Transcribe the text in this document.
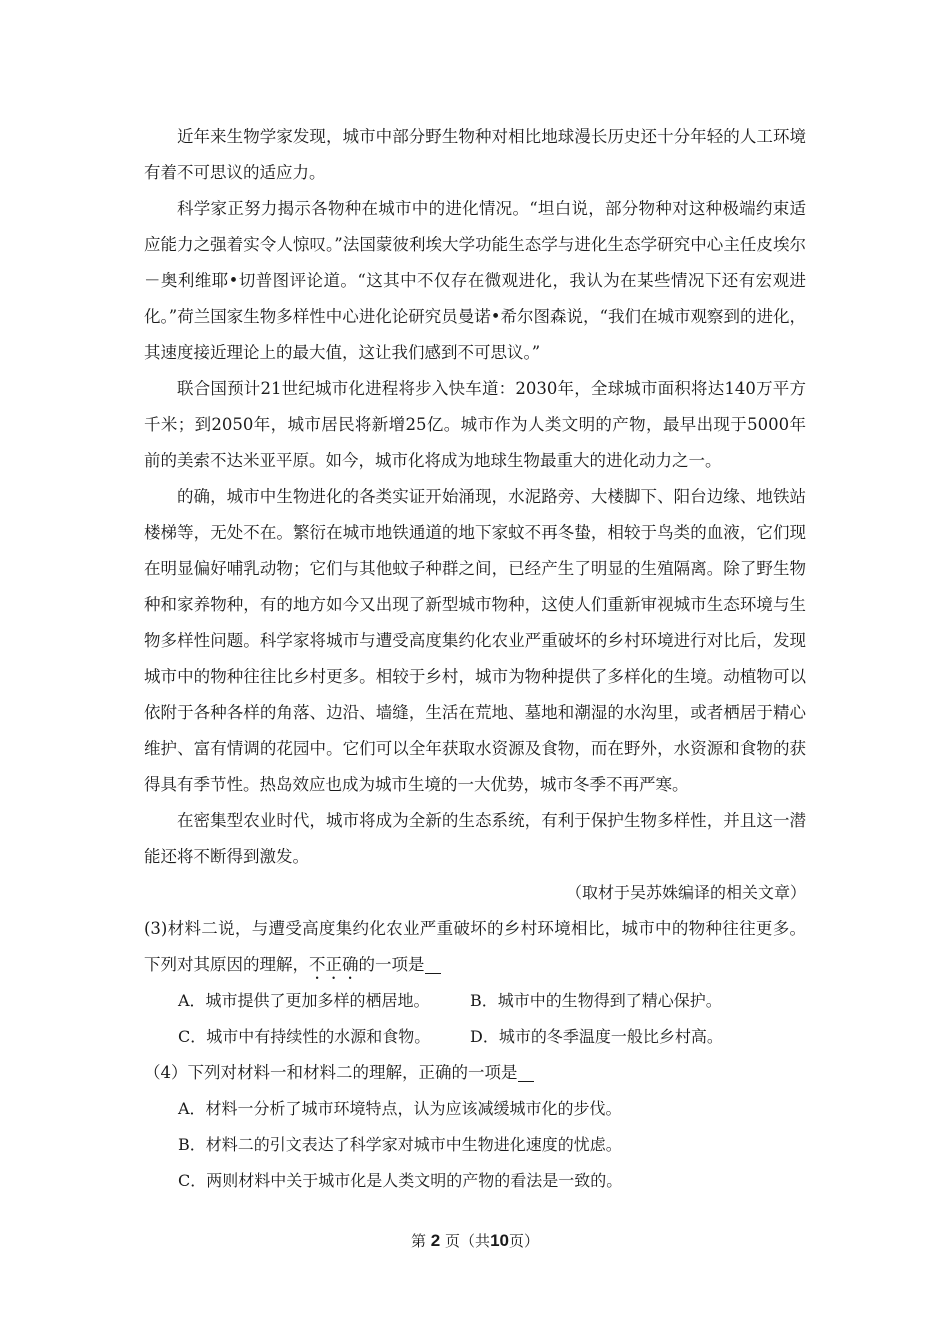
近年来生物学家发现，城市中部分野生物种对相比地球漫长历史还十分年轻的人工环境有着不可思议的适应力。

科学家正努力揭示各物种在城市中的进化情况。“坦白说，部分物种对这种极端约束适应能力之强着实令人惊叹。”法国蒙彼利埃大学功能生态学与进化生态学研究中心主任皮埃尔－奥利维耶•切普图评论道。“这其中不仅存在微观进化，我认为在某些情况下还有宏观进化。”荷兰国家生物多样性中心进化论研究员曼诺•希尔图森说，“我们在城市观察到的进化，其速度接近理论上的最大值，这让我们感到不可思议。”

联合国预计21世纪城市化进程将步入快车道：2030年，全球城市面积将达140万平方千米；到2050年，城市居民将新增25亿。城市作为人类文明的产物，最早出现于5000年前的美索不达米亚平原。如今，城市化将成为地球生物最重大的进化动力之一。

的确，城市中生物进化的各类实证开始涌现，水泥路旁、大楼脚下、阳台边缘、地铁站楼梯等，无处不在。繁衍在城市地铁通道的地下家蚊不再冬蛰，相较于鸟类的血液，它们现在明显偏好哺乳动物；它们与其他蚊子种群之间，已经产生了明显的生殖隔离。除了野生物种和家养物种，有的地方如今又出现了新型城市物种，这使人们重新审视城市生态环境与生物多样性问题。科学家将城市与遭受高度集约化农业严重破坏的乡村环境进行对比后，发现城市中的物种往往比乡村更多。相较于乡村，城市为物种提供了多样化的生境。动植物可以依附于各种各样的角落、边沿、墙缝，生活在荒地、墓地和潮湿的水沟里，或者栖居于精心维护、富有情调的花园中。它们可以全年获取水资源及食物，而在野外，水资源和食物的获得具有季节性。热岛效应也成为城市生境的一大优势，城市冬季不再严寒。

在密集型农业时代，城市将成为全新的生态系统，有利于保护生物多样性，并且这一潜能还将不断得到激发。

（取材于吴苏姝编译的相关文章）

(3)材料二说，与遭受高度集约化农业严重破坏的乡村环境相比，城市中的物种往往更多。下列对其原因的理解，不正确的一项是

A．城市提供了更加多样的栖居地。	B．城市中的生物得到了精心保护。
C．城市中有持续性的水源和食物。 D．城市的冬季温度一般比乡村高。

（4）下列对材料一和材料二的理解，正确的一项是

A．材料一分析了城市环境特点，认为应该减缓城市化的步伐。
B．材料二的引文表达了科学家对城市中生物进化速度的忧虑。
C．两则材料中关于城市化是人类文明的产物的看法是一致的。
第 2 页（共10页）
